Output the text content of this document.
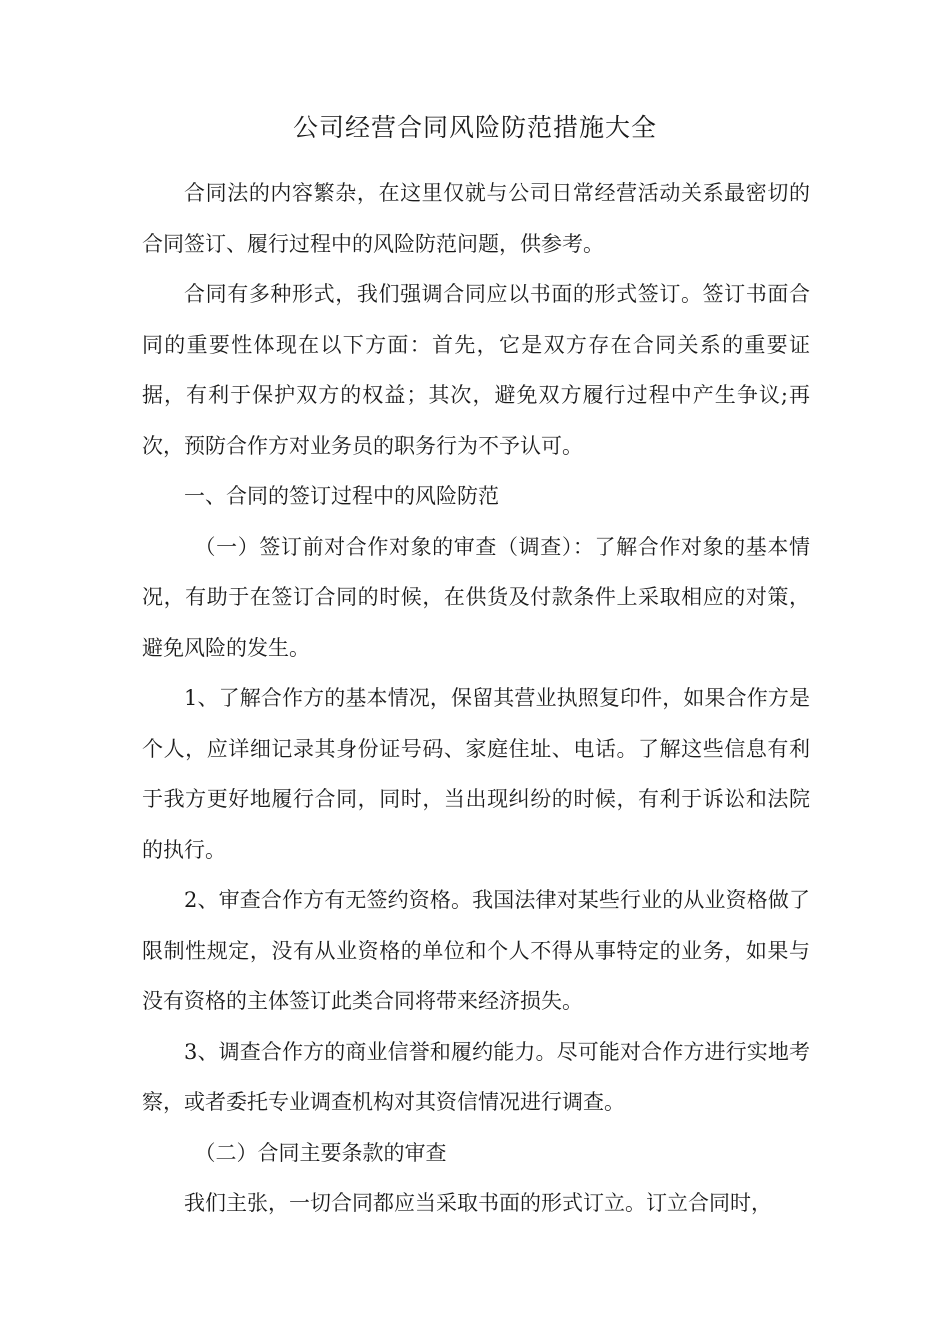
公司经营合同风险防范措施大全

合同法的内容繁杂，在这里仅就与公司日常经营活动关系最密切的合同签订、履行过程中的风险防范问题，供参考。

合同有多种形式，我们强调合同应以书面的形式签订。签订书面合同的重要性体现在以下方面：首先，它是双方存在合同关系的重要证据，有利于保护双方的权益；其次，避免双方履行过程中产生争议;再次，预防合作方对业务员的职务行为不予认可。

一、合同的签订过程中的风险防范

（一）签订前对合作对象的审查（调查）：了解合作对象的基本情况，有助于在签订合同的时候，在供货及付款条件上采取相应的对策，避免风险的发生。

1、了解合作方的基本情况，保留其营业执照复印件，如果合作方是个人，应详细记录其身份证号码、家庭住址、电话。了解这些信息有利于我方更好地履行合同，同时，当出现纠纷的时候，有利于诉讼和法院的执行。

2、审查合作方有无签约资格。我国法律对某些行业的从业资格做了限制性规定，没有从业资格的单位和个人不得从事特定的业务，如果与没有资格的主体签订此类合同将带来经济损失。

3、调查合作方的商业信誉和履约能力。尽可能对合作方进行实地考察，或者委托专业调查机构对其资信情况进行调查。

（二）合同主要条款的审查

我们主张，一切合同都应当采取书面的形式订立。订立合同时，
